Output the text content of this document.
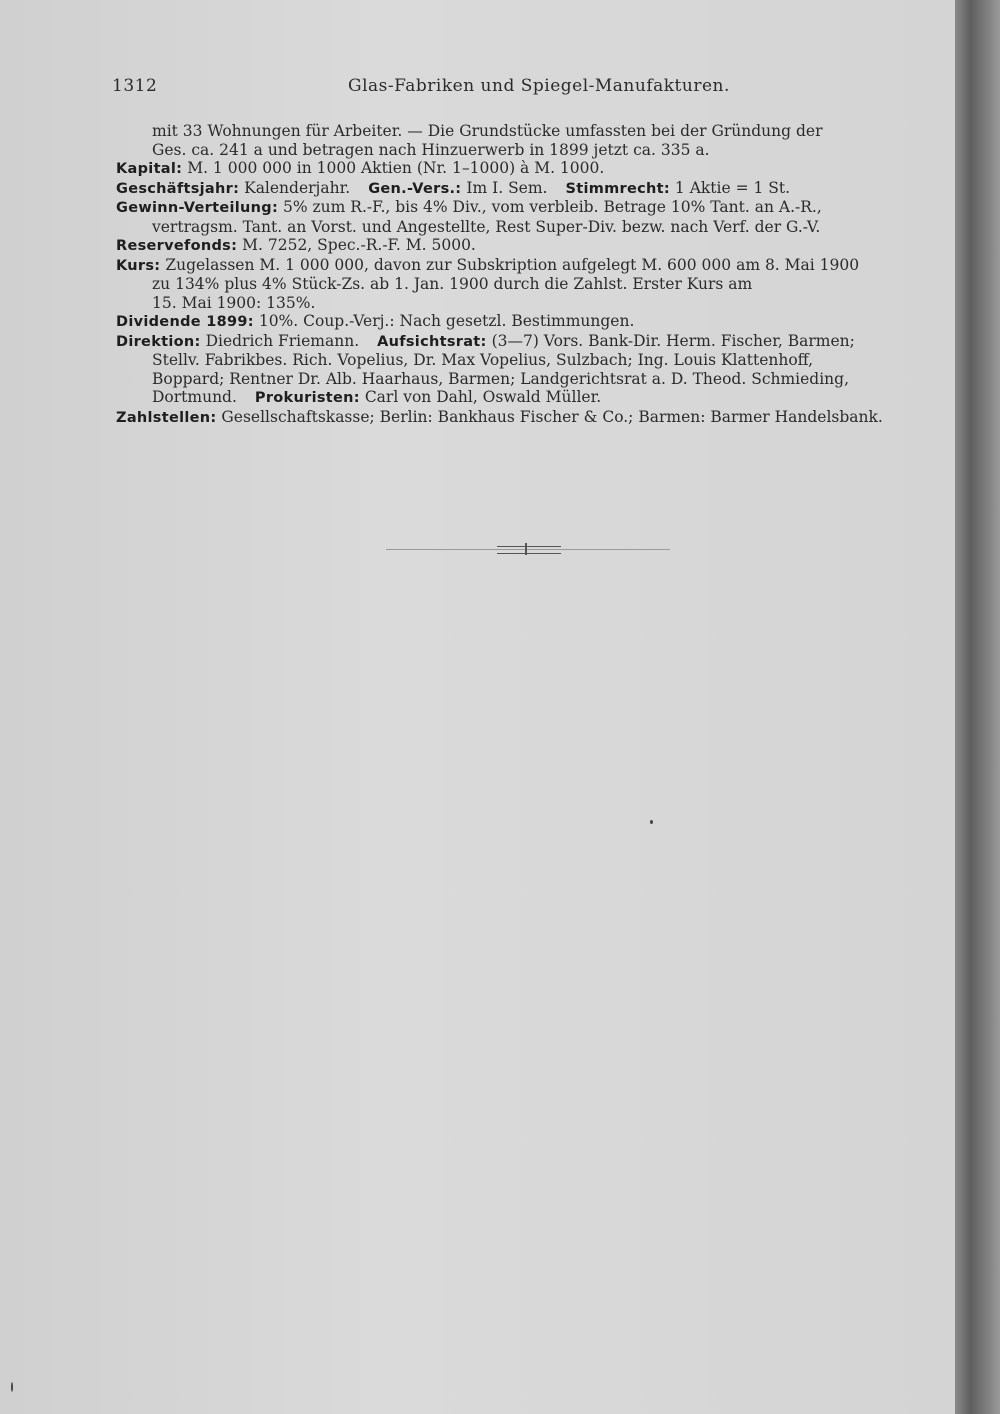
1312	Glas-Fabriken und Spiegel-Manufakturen.
mit 33 Wohnungen für Arbeiter. — Die Grundstücke umfassten bei der Gründung der
Ges. ca. 241 a und betragen nach Hinzuerwerb in 1899 jetzt ca. 335 a.
Kapital: M. 1 000 000 in 1000 Aktien (Nr. 1–1000) à M. 1000.
Geschäftsjahr: Kalenderjahr. Gen.-Vers.: Im I. Sem. Stimmrecht: 1 Aktie = 1 St.
Gewinn-Verteilung: 5% zum R.-F., bis 4% Div., vom verbleib. Betrage 10% Tant. an A.-R.,
vertragsm. Tant. an Vorst. und Angestellte, Rest Super-Div. bezw. nach Verf. der G.-V.
Reservefonds: M. 7252, Spec.-R.-F. M. 5000.
Kurs: Zugelassen M. 1 000 000, davon zur Subskription aufgelegt M. 600 000 am 8. Mai 1900
zu 134% plus 4% Stück-Zs. ab 1. Jan. 1900 durch die Zahlst. Erster Kurs am
15. Mai 1900: 135%.
Dividende 1899: 10%. Coup.-Verj.: Nach gesetzl. Bestimmungen.
Direktion: Diedrich Friemann. Aufsichtsrat: (3—7) Vors. Bank-Dir. Herm. Fischer, Barmen;
Stellv. Fabrikbes. Rich. Vopelius, Dr. Max Vopelius, Sulzbach; Ing. Louis Klattenhoff,
Boppard; Rentner Dr. Alb. Haarhaus, Barmen; Landgerichtsrat a. D. Theod. Schmieding,
Dortmund. Prokuristen: Carl von Dahl, Oswald Müller.
Zahlstellen: Gesellschaftskasse; Berlin: Bankhaus Fischer & Co.; Barmen: Barmer Handelsbank.
